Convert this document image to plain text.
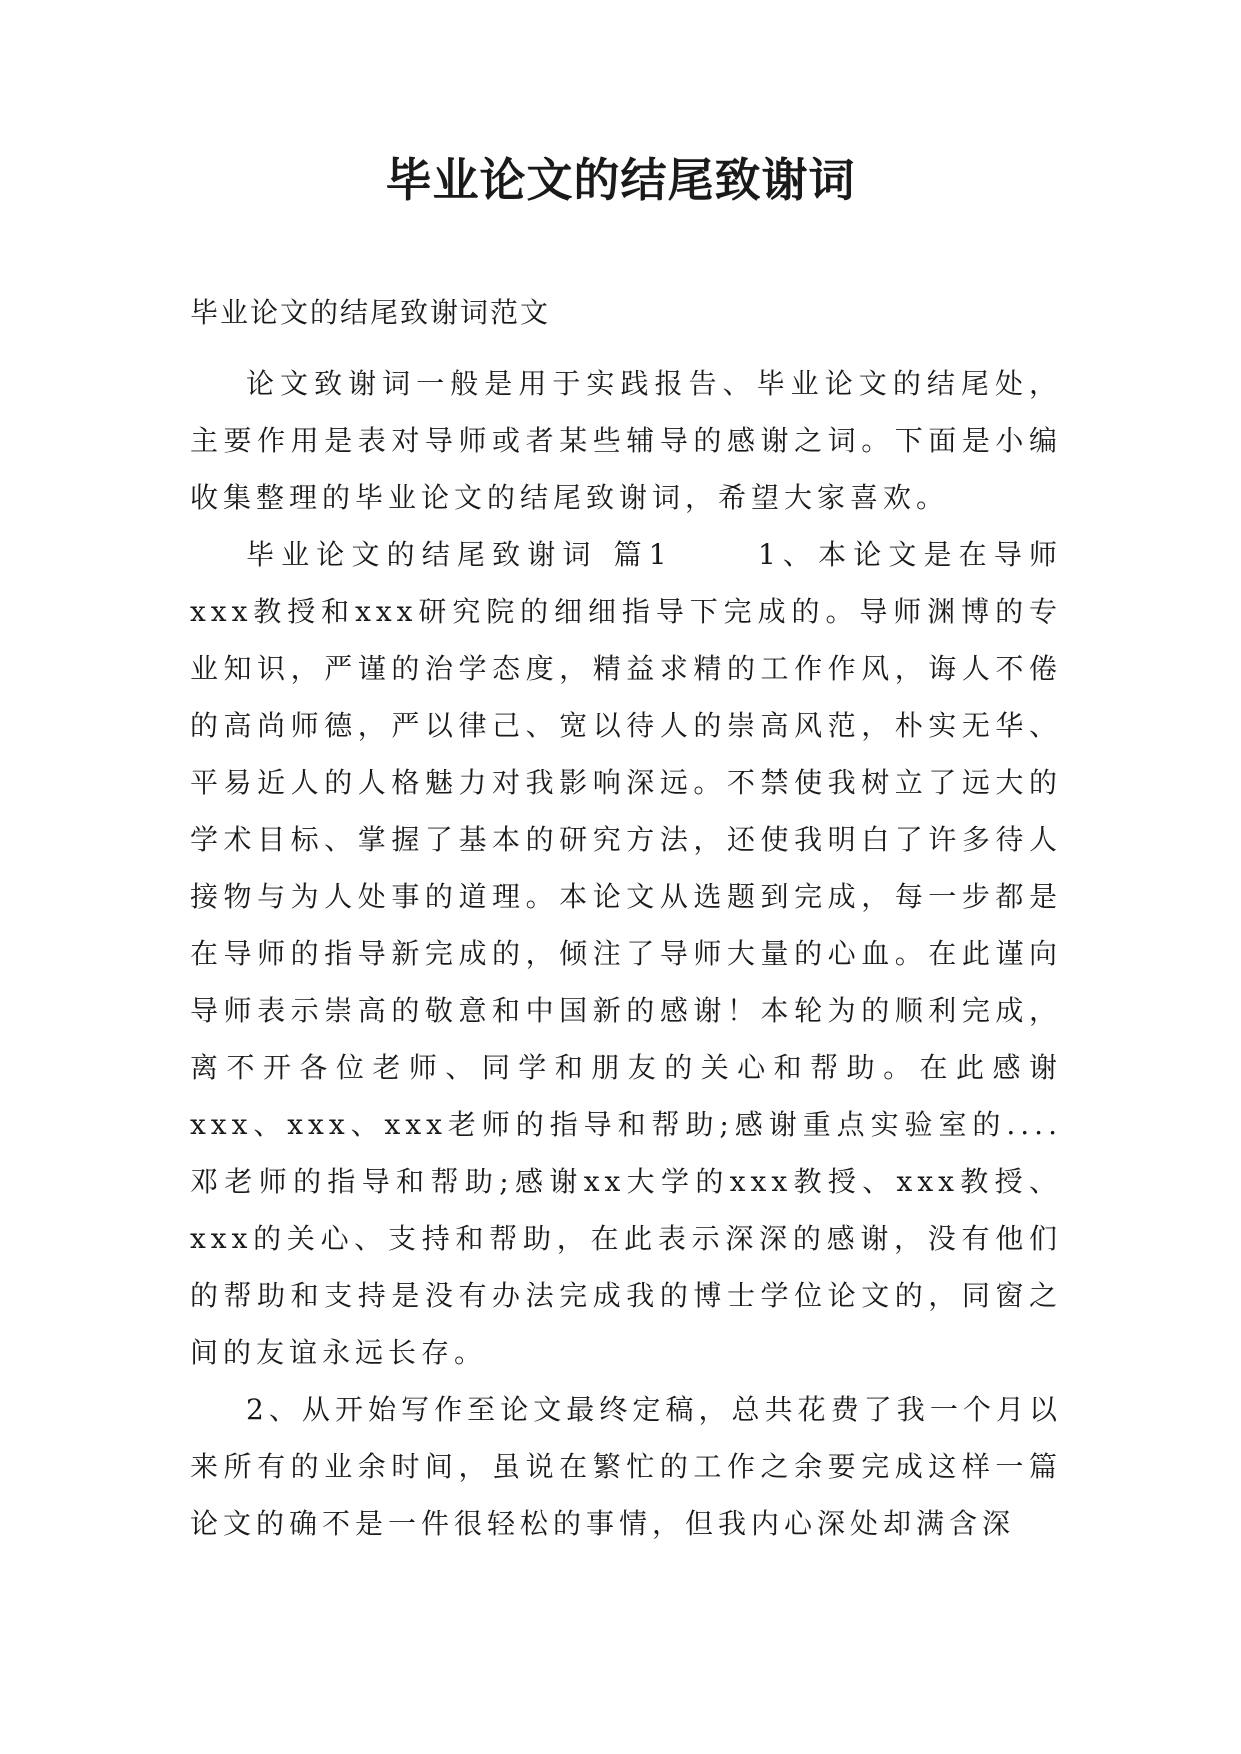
毕业论文的结尾致谢词
毕业论文的结尾致谢词范文

论文致谢词一般是用于实践报告、毕业论文的结尾处，主要作用是表对导师或者某些辅导的感谢之词。下面是小编收集整理的毕业论文的结尾致谢词，希望大家喜欢。

毕业论文的结尾致谢词 篇1 　　1、本论文是在导师xxx教授和xxx研究院的细细指导下完成的。导师渊博的专业知识，严谨的治学态度，精益求精的工作作风，诲人不倦的高尚师德，严以律己、宽以待人的崇高风范，朴实无华、平易近人的人格魅力对我影响深远。不禁使我树立了远大的学术目标、掌握了基本的研究方法，还使我明白了许多待人接物与为人处事的道理。本论文从选题到完成，每一步都是在导师的指导新完成的，倾注了导师大量的心血。在此谨向导师表示崇高的敬意和中国新的感谢！本轮为的顺利完成，离不开各位老师、同学和朋友的关心和帮助。在此感谢xxx、xxx、xxx老师的指导和帮助;感谢重点实验室的....邓老师的指导和帮助;感谢xx大学的xxx教授、xxx教授、xxx的关心、支持和帮助，在此表示深深的感谢，没有他们的帮助和支持是没有办法完成我的博士学位论文的，同窗之间的友谊永远长存。

2、从开始写作至论文最终定稿，总共花费了我一个月以来所有的业余时间，虽说在繁忙的工作之余要完成这样一篇论文的确不是一件很轻松的事情，但我内心深处却满含深
